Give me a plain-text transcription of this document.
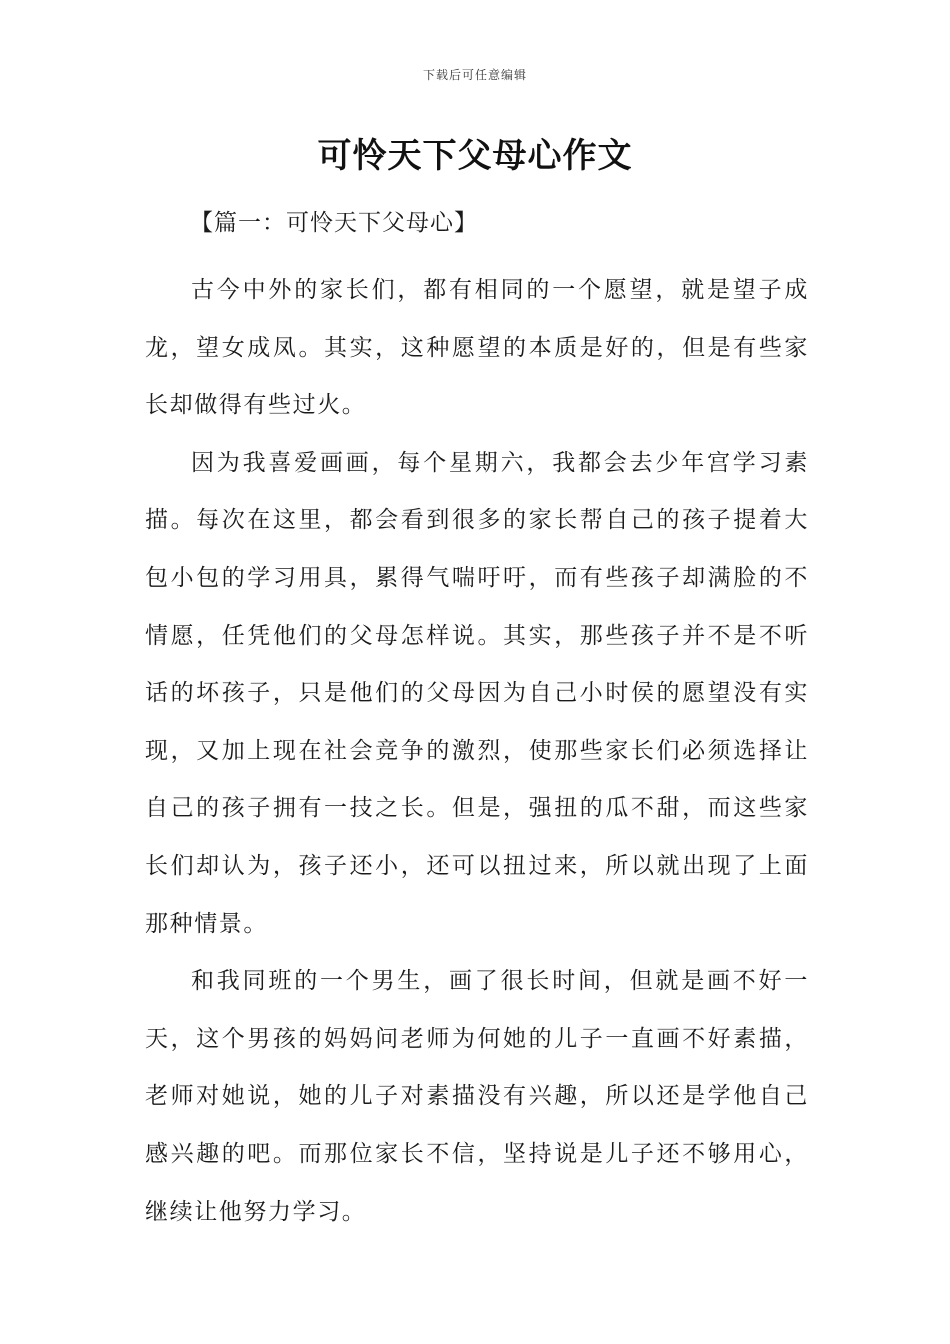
下载后可任意编辑
可怜天下父母心作文
【篇一：可怜天下父母心】

古今中外的家长们，都有相同的一个愿望，就是望子成龙，望女成凤。其实，这种愿望的本质是好的，但是有些家长却做得有些过火。

因为我喜爱画画，每个星期六，我都会去少年宫学习素描。每次在这里，都会看到很多的家长帮自己的孩子提着大包小包的学习用具，累得气喘吁吁，而有些孩子却满脸的不情愿，任凭他们的父母怎样说。其实，那些孩子并不是不听话的坏孩子，只是他们的父母因为自己小时侯的愿望没有实现，又加上现在社会竞争的激烈，使那些家长们必须选择让自己的孩子拥有一技之长。但是，强扭的瓜不甜，而这些家长们却认为，孩子还小，还可以扭过来，所以就出现了上面那种情景。

和我同班的一个男生，画了很长时间，但就是画不好一天，这个男孩的妈妈问老师为何她的儿子一直画不好素描，老师对她说，她的儿子对素描没有兴趣，所以还是学他自己感兴趣的吧。而那位家长不信，坚持说是儿子还不够用心，继续让他努力学习。
